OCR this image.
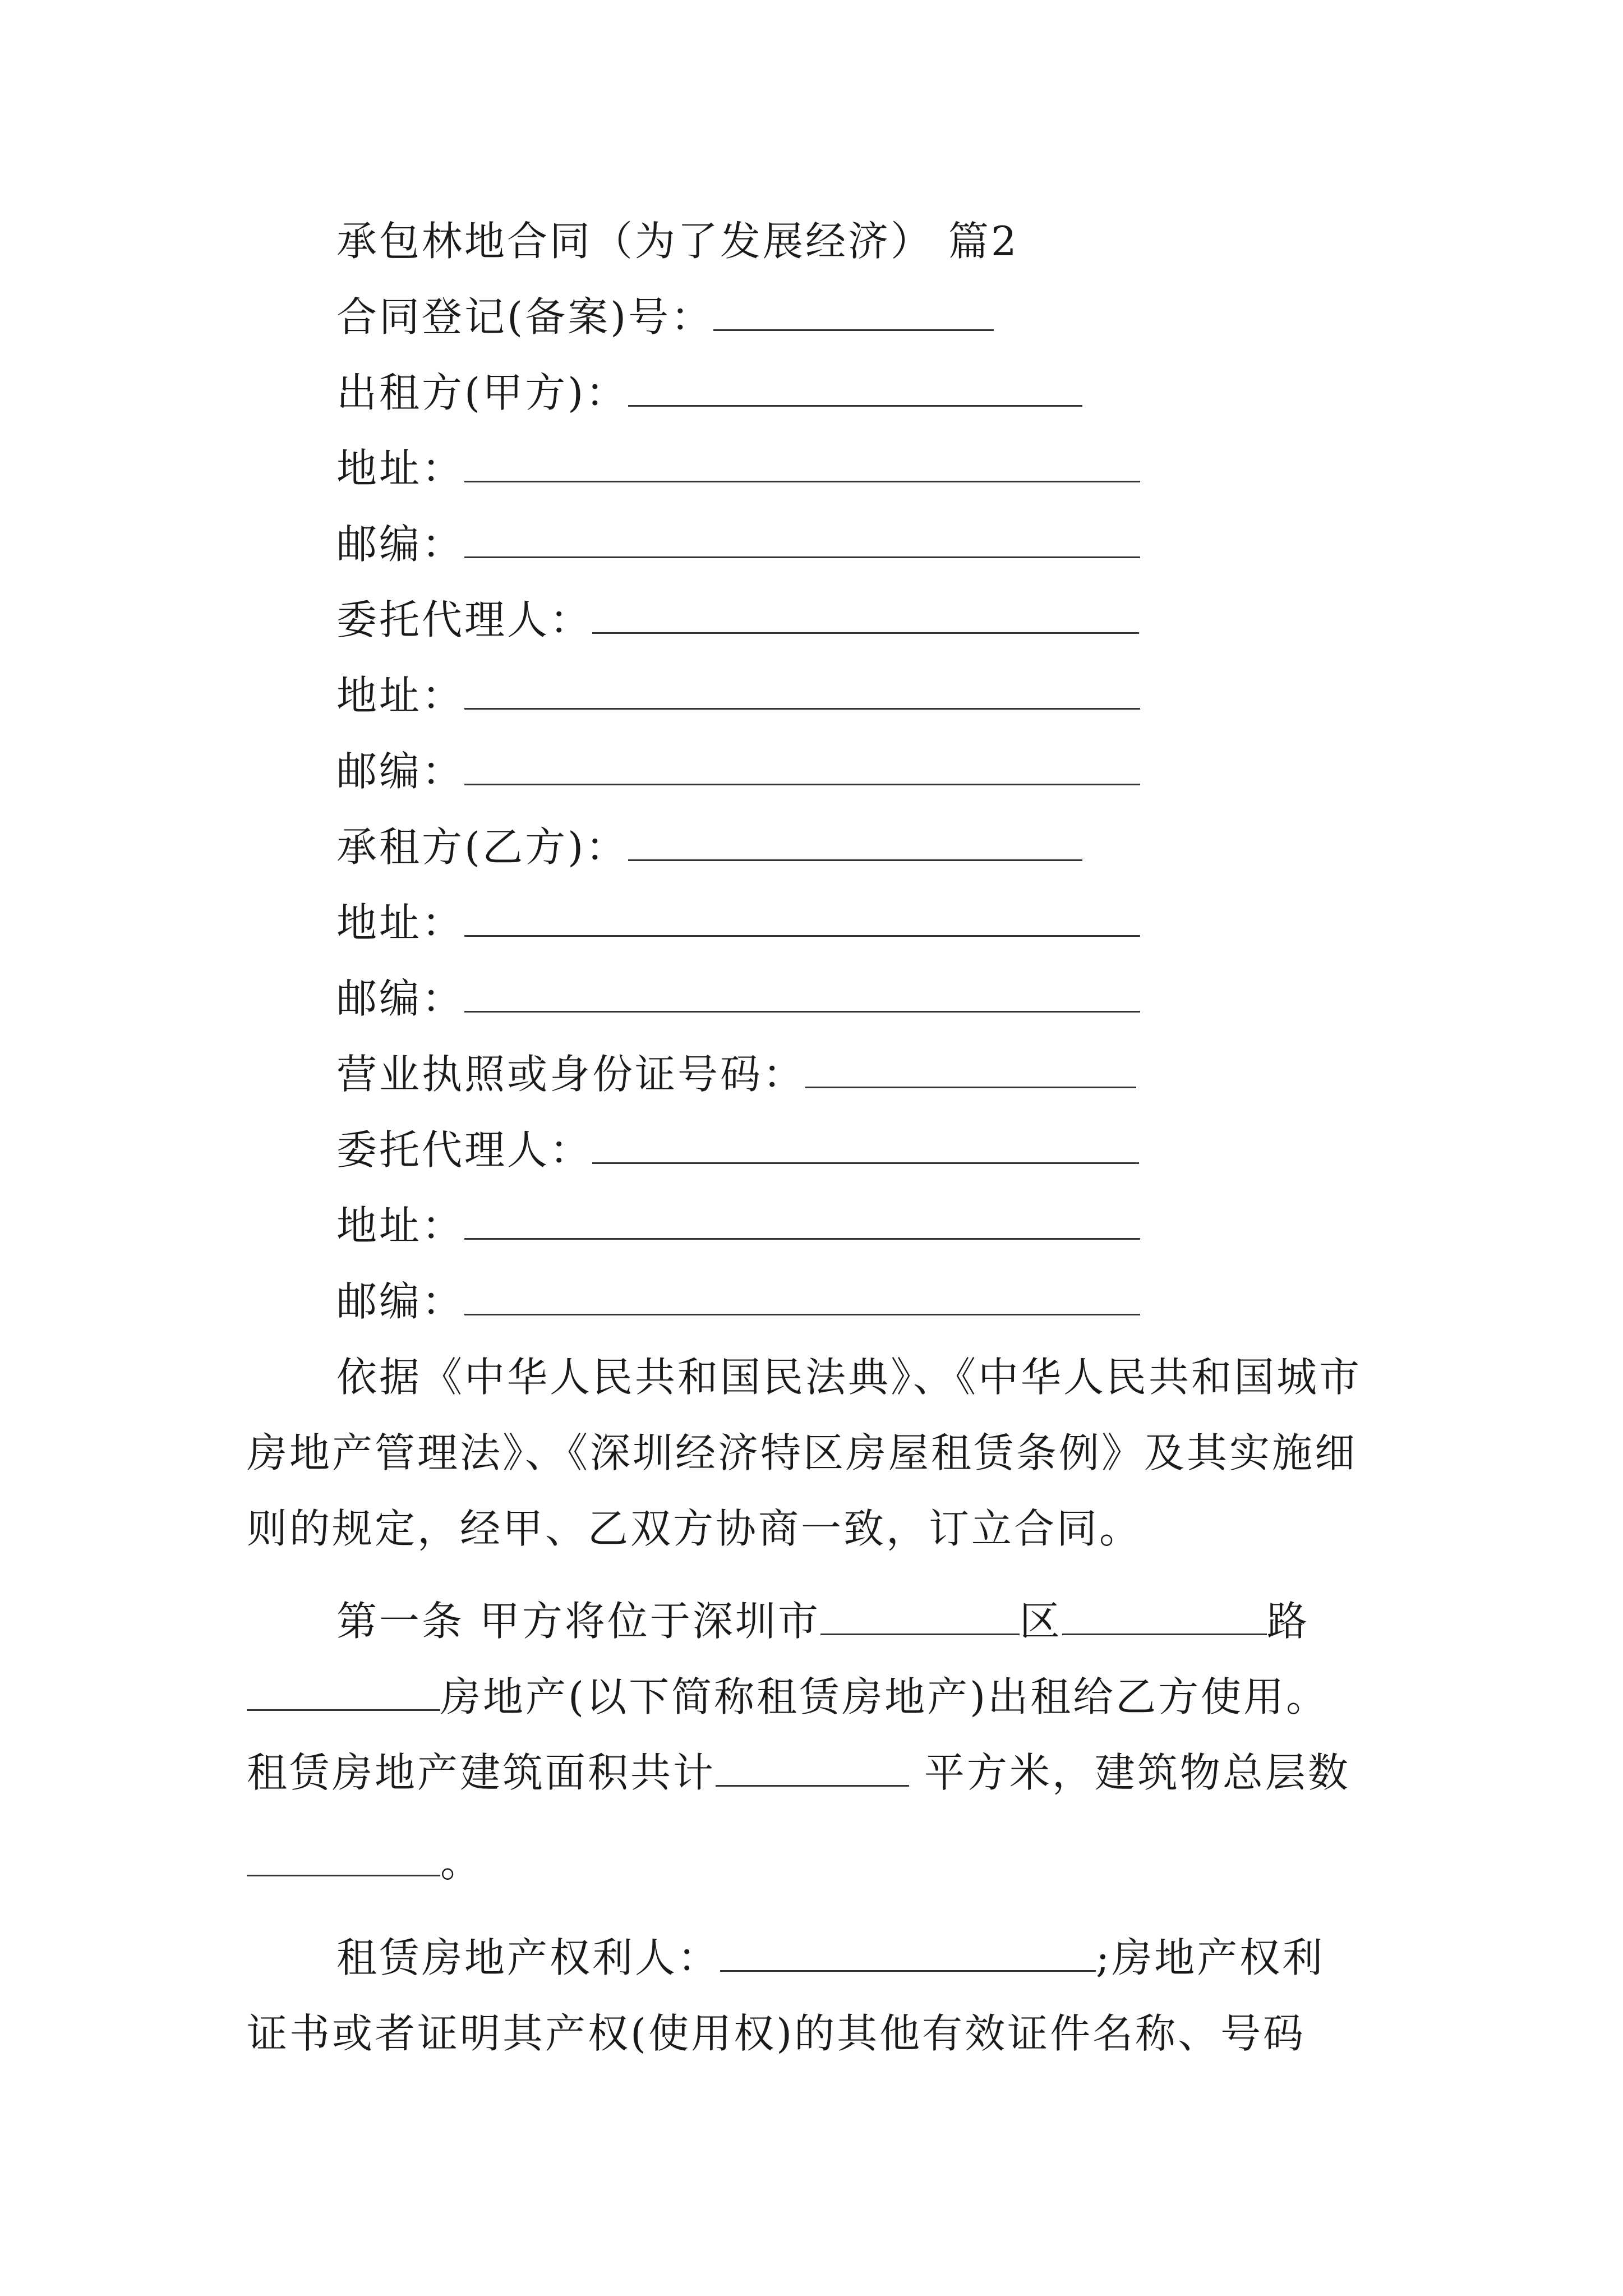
承包林地合同（为了发展经济） 篇2
合同登记(备案)号：
出租方(甲方)：
地址：
邮编：
委托代理人：
地址：
邮编：
承租方(乙方)：
地址：
邮编：
营业执照或身份证号码：
委托代理人：
地址：
邮编：
依据《中华人民共和国民法典》、《中华人民共和国城市
房地产管理法》、《深圳经济特区房屋租赁条例》及其实施细
则的规定，经甲、乙双方协商一致，订立合同。
第一条 甲方将位于深圳市	区	路
房地产(以下简称租赁房地产)出租给乙方使用。
租赁房地产建筑面积共计	平方米，建筑物总层数
。
租赁房地产权利人：	;房地产权利
证书或者证明其产权(使用权)的其他有效证件名称、号码
